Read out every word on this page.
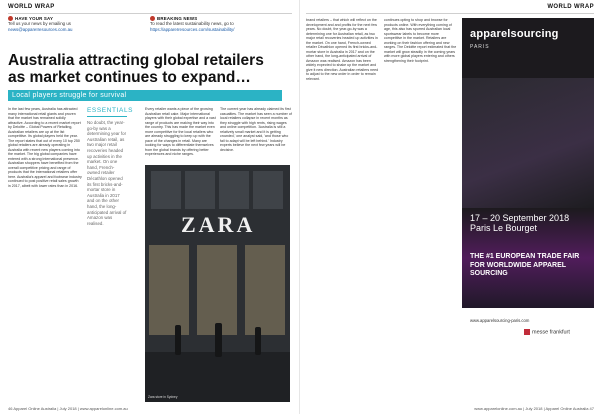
WORLD WRAP
HAVE YOUR SAY
Tell us your news by emailing us
news@appareIresources.com.au
BREAKING NEWS
To read the latest sustainability news, go to
https://appareIresources.com/sustainability/
Australia attracting global retailers as market continues to expand…
Local players struggle for survival
In the last few years, Australia has attracted many international retail giants and proven that the market has remained solidly attractive. According to a recent market report by Deloitte – Global Powers of Retailing, Australian retailers are up at the list competitive. Its global players held the year. The report states that out of every 10 top 250 global retailers are already operating in Australia with recent new players coming into the market. The big global companies have entered with a strong international presence. Australian shoppers have benefited from the overall competitive pricing and range of products that the international retailers offer here. Australia's apparel and footwear industry continued to post positive retail sales growth in 2017, albeit with lower rates than in 2016.
ESSENTIALS
No doubt, the year-go-by was a determining year for Australian retail, as two major retail recoveries headed up activities in the market. On one hand, French-owned retailer Décathlon opened its first bricks-and-mortar store in Australia in 2017 and on the other hand, the long-anticipated arrival of Amazon was realised.
Every retailer wants a piece of the growing Australian retail cake. Major international players with their global expertise and a vast range of products are making their way into the country. This has made the market even more competitive for the local retailers who are already struggling to keep up with the pace of the changes in retail. Many are looking for ways to differentiate themselves from the global brands by offering better experiences and niche ranges.
The current year has already claimed its first casualties. The market has seen a number of local retailers collapse in recent months as they struggle with high rents, rising wages and online competition. 'Australia is still a relatively small market and it is getting crowded,' one analyst said, 'and those who fail to adapt will be left behind.' Industry experts believe the next few years will be decisive.
ZARA
Zara store in Sydney
46 Apparel Online Australia | July 2018 | www.apparelonline.com.au
WORLD WRAP
brand retailers – that which will reflect on the development and and profits for the next few years. No doubt, the year-go-by was a determining one for Australian retail, as two major retail recoveries headed up activities in the market. On one hand, French-owned retailer Décathlon opened its first bricks-and-mortar store in Australia in 2017 and on the other hand, the long-anticipated arrival of Amazon was realised. Amazon has been widely expected to shake up the market and give it new direction. Australian retailers need to adjust to the new order in order to remain relevant.
continues opting to shop and browse for products online. With everything coming of age, this also has spurred Australian local sportswear labels to become more competitive in the market. Retailers are working on their fashion offering and new ranges. The Deloitte report estimated that the market will grow steadily in the coming years with more global players entering and others strengthening their footprint.
apparelsourcing
PARIS
17 – 20 September 2018
Paris Le Bourget
THE #1 EUROPEAN TRADE FAIR FOR WORLDWIDE APPAREL SOURCING
www.apparelsourcing-paris.com
messe frankfurt
www.apparelonline.com.au | July 2018 | Apparel Online Australia 47
